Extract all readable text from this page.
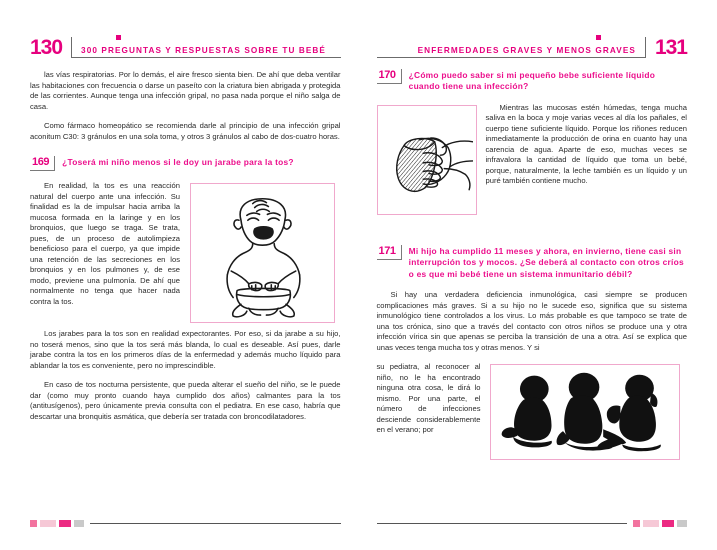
130 300 PREGUNTAS Y RESPUESTAS SOBRE TU BEBÉ

las vías respiratorias. Por lo demás, el aire fresco sienta bien. De ahí que deba ventilar las habitaciones con frecuencia o darse un paseíto con la criatura bien abrigada y protegida de las corrientes. Aunque tenga una infección gripal, no pasa nada porque el niño salga de casa.

Como fármaco homeopático se recomienda darle al principio de una infección gripal aconitum C30: 3 gránulos en una sola toma, y otros 3 gránulos al cabo de dos-cuatro horas.

169	¿Toserá mi niño menos si le doy un jarabe para la tos?

En realidad, la tos es una reacción natural del cuerpo ante una infección. Su finalidad es la de impulsar hacia arriba la mucosa formada en la laringe y en los bronquios, que luego se traga. Se trata, pues, de un proceso de autolimpieza beneficioso para el cuerpo, ya que impide una retención de las secreciones en los bronquios y en los pulmones y, de ese modo, previene una pulmonía. De ahí que normalmente no tenga que hacer nada contra la tos.

Los jarabes para la tos son en realidad expectorantes. Por eso, si da jarabe a su hijo, no toserá menos, sino que la tos será más blanda, lo cual es deseable. Así pues, darle jarabe contra la tos en los primeros días de la enfermedad y además mucho líquido para ablandar la tos es conveniente, pero no imprescindible.

En caso de tos nocturna persistente, que pueda alterar el sueño del niño, se le puede dar (como muy pronto cuando haya cumplido dos años) calmantes para la tos (antitusígenos), pero únicamente previa consulta con el pediatra. En ese caso, habría que descartar una bronquitis asmática, que debería ser tratada con broncodilatadores.

ENFERMEDADES GRAVES Y MENOS GRAVES 131
170	¿Cómo puedo saber si mi pequeño bebe suficiente líquido cuando tiene una infección?

Mientras las mucosas estén húmedas, tenga mucha saliva en la boca y moje varias veces al día los pañales, el cuerpo tiene suficiente líquido. Porque los riñones reducen inmediatamente la producción de orina en cuanto hay una carencia de agua. Aparte de eso, muchas veces se infravalora la cantidad de líquido que toma un bebé, porque, naturalmente, la leche también es un líquido y un puré también contiene mucho.

171	Mi hijo ha cumplido 11 meses y ahora, en invierno, tiene casi sin interrupción tos y mocos. ¿Se deberá al contacto con otros críos o es que mi bebé tiene un sistema inmunitario débil?

Si hay una verdadera deficiencia inmunológica, casi siempre se producen complicaciones más graves. Si a su hijo no le sucede eso, significa que su sistema inmunológico tiene controlados a los virus. Lo más probable es que tampoco se trate de una tos crónica, sino que a través del contacto con otros niños se produce una y otra infección vírica sin que apenas se perciba la transición de una a otra. Así se explica que unas veces tenga mucha tos y otras menos. Y si

su pediatra, al reconocer al niño, no le ha encontrado ninguna otra cosa, le dirá lo mismo. Por una parte, el número de infecciones desciende considerablemente en el verano; por
